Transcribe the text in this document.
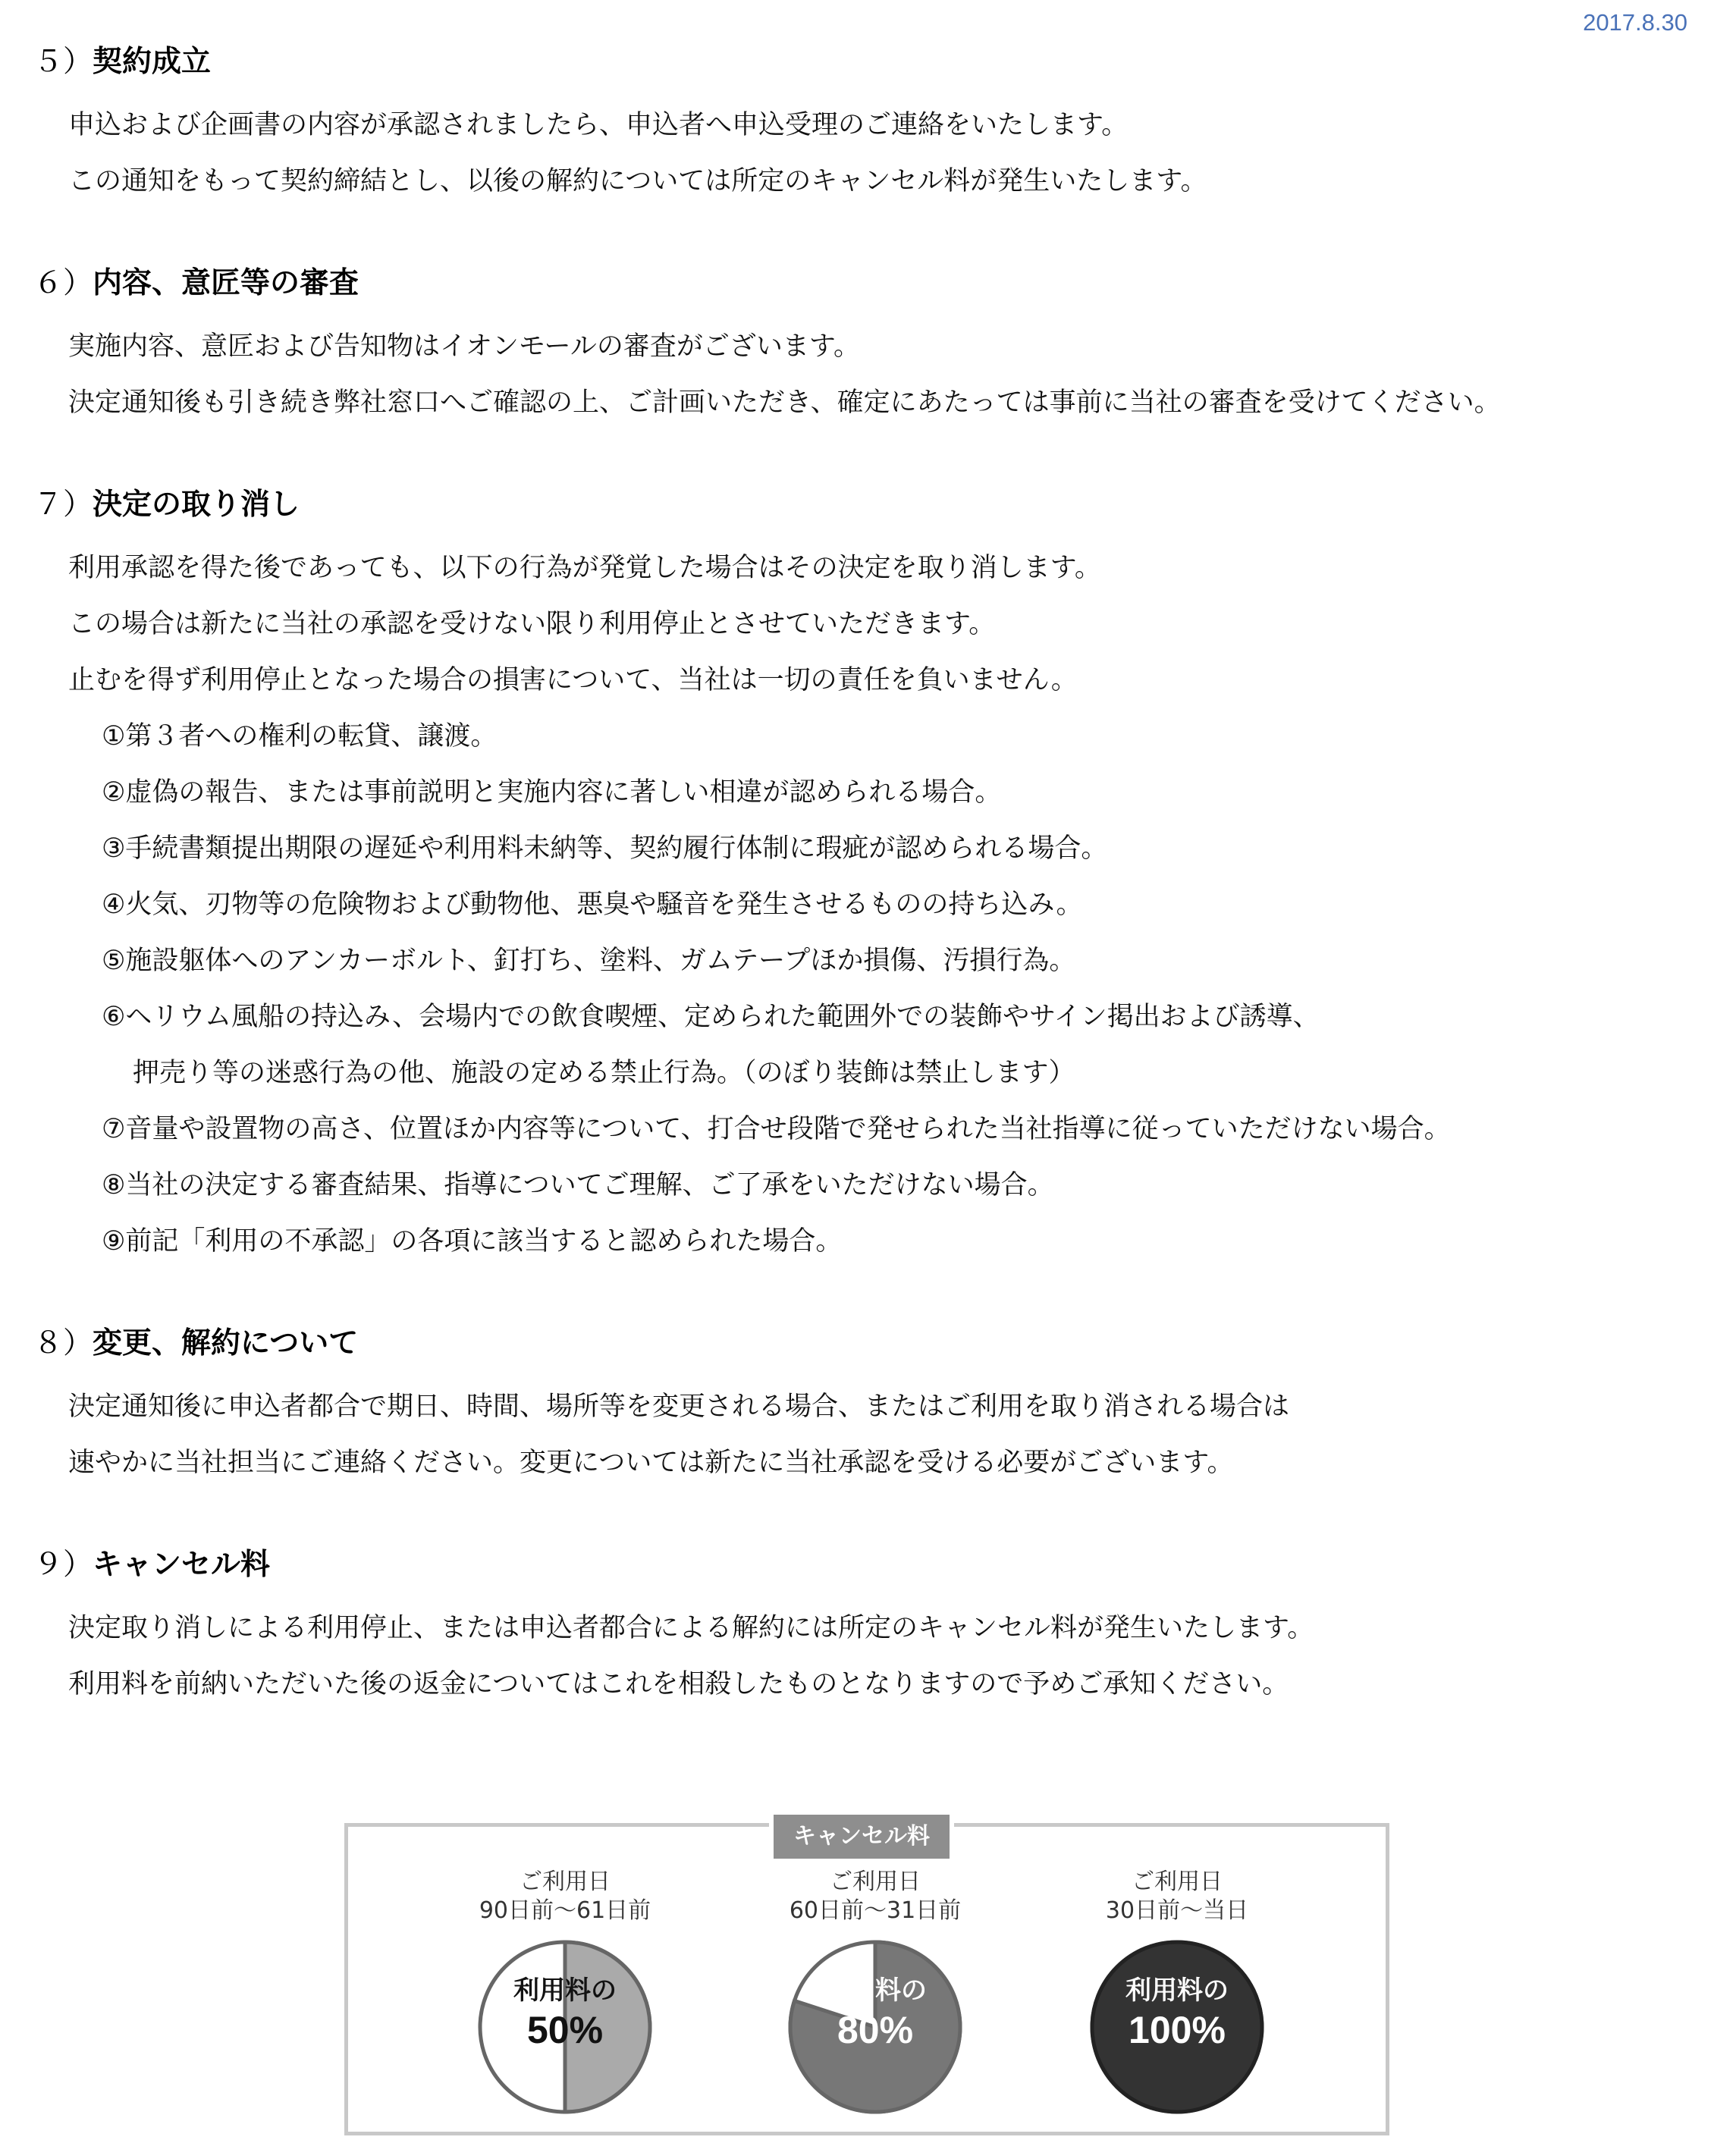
2017.8.30

５）契約成立

申込および企画書の内容が承認されましたら、申込者へ申込受理のご連絡をいたします。

この通知をもって契約締結とし、以後の解約については所定のキャンセル料が発生いたします。

６）内容、意匠等の審査

実施内容、意匠および告知物はイオンモールの審査がございます。

決定通知後も引き続き弊社窓口へご確認の上、ご計画いただき、確定にあたっては事前に当社の審査を受けてください。

７）決定の取り消し

利用承認を得た後であっても、以下の行為が発覚した場合はその決定を取り消します。

この場合は新たに当社の承認を受けない限り利用停止とさせていただきます。

止むを得ず利用停止となった場合の損害について、当社は一切の責任を負いません。

①第３者への権利の転貸、譲渡。

②虚偽の報告、または事前説明と実施内容に著しい相違が認められる場合。

③手続書類提出期限の遅延や利用料未納等、契約履行体制に瑕疵が認められる場合。

④火気、刃物等の危険物および動物他、悪臭や騒音を発生させるものの持ち込み。

⑤施設躯体へのアンカーボルト、釘打ち、塗料、ガムテープほか損傷、汚損行為。

⑥ヘリウム風船の持込み、会場内での飲食喫煙、定められた範囲外での装飾やサイン掲出および誘導、

押売り等の迷惑行為の他、施設の定める禁止行為。（のぼり装飾は禁止します）

⑦音量や設置物の高さ、位置ほか内容等について、打合せ段階で発せられた当社指導に従っていただけない場合。

⑧当社の決定する審査結果、指導についてご理解、ご了承をいただけない場合。

⑨前記「利用の不承認」の各項に該当すると認められた場合。

８）変更、解約について

決定通知後に申込者都合で期日、時間、場所等を変更される場合、またはご利用を取り消される場合は

速やかに当社担当にご連絡ください。変更については新たに当社承認を受ける必要がございます。

９）キャンセル料

決定取り消しによる利用停止、または申込者都合による解約には所定のキャンセル料が発生いたします。

利用料を前納いただいた後の返金についてはこれを相殺したものとなりますので予めご承知ください。

キャンセル料
ご利用日
90日前～61日前
利用料の
50%
ご利用日
60日前～31日前
利用料の
80%
ご利用日
30日前～当日
利用料の
100%
